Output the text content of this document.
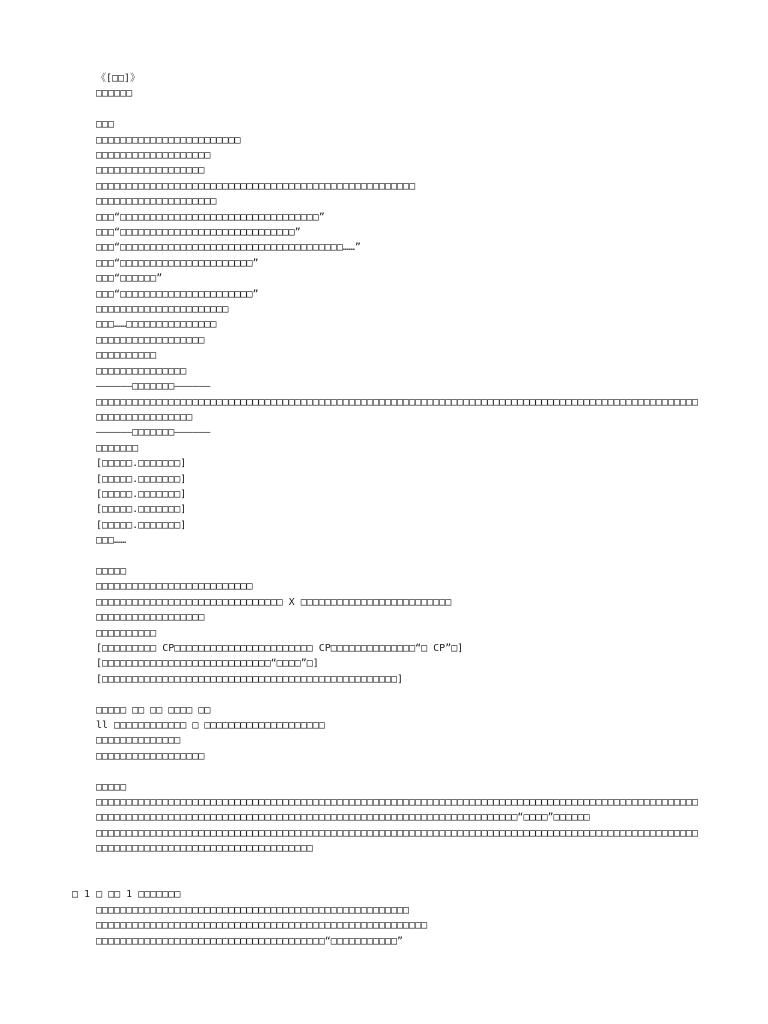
《[□□]》
□□□□□□
□□□
□□□□□□□□□□□□□□□□□□□□□□□□
□□□□□□□□□□□□□□□□□□□
□□□□□□□□□□□□□□□□□□
□□□□□□□□□□□□□□□□□□□□□□□□□□□□□□□□□□□□□□□□□□□□□□□□□□□□□
□□□□□□□□□□□□□□□□□□□□
□□□“□□□□□□□□□□□□□□□□□□□□□□□□□□□□□□□□□”
□□□“□□□□□□□□□□□□□□□□□□□□□□□□□□□□□”
□□□“□□□□□□□□□□□□□□□□□□□□□□□□□□□□□□□□□□□□□……”
□□□“□□□□□□□□□□□□□□□□□□□□□□”
□□□“□□□□□□”
□□□“□□□□□□□□□□□□□□□□□□□□□□”
□□□□□□□□□□□□□□□□□□□□□□
□□□……□□□□□□□□□□□□□□□
□□□□□□□□□□□□□□□□□□
□□□□□□□□□□
□□□□□□□□□□□□□□□
——————□□□□□□□——————
□□□□□□□□□□□□□□□□□□□□□□□□□□□□□□□□□□□□□□□□□□□□□□□□□□□□□□□□□□□□□□□□□□□□□□□□□□□□□□□□□□□□□□□□□□□□□□□□□□□□□□□□□□□□□□□□□□□□
——————□□□□□□□——————
□□□□□□□
[□□□□□.□□□□□□□]
[□□□□□.□□□□□□□]
[□□□□□.□□□□□□□]
[□□□□□.□□□□□□□]
[□□□□□.□□□□□□□]
□□□……
□□□□□
□□□□□□□□□□□□□□□□□□□□□□□□□□
□□□□□□□□□□□□□□□□□□□□□□□□□□□□□□□ X □□□□□□□□□□□□□□□□□□□□□□□□□
□□□□□□□□□□□□□□□□□□
□□□□□□□□□□
[□□□□□□□□□ CP□□□□□□□□□□□□□□□□□□□□□□□ CP□□□□□□□□□□□□□□“□ CP”□]
[□□□□□□□□□□□□□□□□□□□□□□□□□□□□“□□□□”□]
[□□□□□□□□□□□□□□□□□□□□□□□□□□□□□□□□□□□□□□□□□□□□□□□□□]
□□□□□ □□ □□ □□□□ □□
ll □□□□□□□□□□□□ □ □□□□□□□□□□□□□□□□□□□□
□□□□□□□□□□□□□□
□□□□□□□□□□□□□□□□□□
□□□□□
□□□□□□□□□□□□□□□□□□□□□□□□□□□□□□□□□□□□□□□□□□□□□□□□□□□□□□□□□□□□□□□□□□□□□□□□□□□□□□□□□□□□□□□□□□□□□□□□□□□□□□□□□□□□□□□□□□□□□□□□□□□□□□□□□□□□□□□□□□□□□□□□□□□□□□□□□□□□□□□□□□□□□□□□□□“□□□□”□□□□□□
□□□□□□□□□□□□□□□□□□□□□□□□□□□□□□□□□□□□□□□□□□□□□□□□□□□□□□□□□□□□□□□□□□□□□□□□□□□□□□□□□□□□□□□□□□□□□□□□□□□□□□□□□□□□□□□□□□□□□□□□□□□□□□□□□□□□□□□□
□ 1 □ □□ 1 □□□□□□□
□□□□□□□□□□□□□□□□□□□□□□□□□□□□□□□□□□□□□□□□□□□□□□□□□□□□
□□□□□□□□□□□□□□□□□□□□□□□□□□□□□□□□□□□□□□□□□□□□□□□□□□□□□□□
□□□□□□□□□□□□□□□□□□□□□□□□□□□□□□□□□□□□□□“□□□□□□□□□□□”
